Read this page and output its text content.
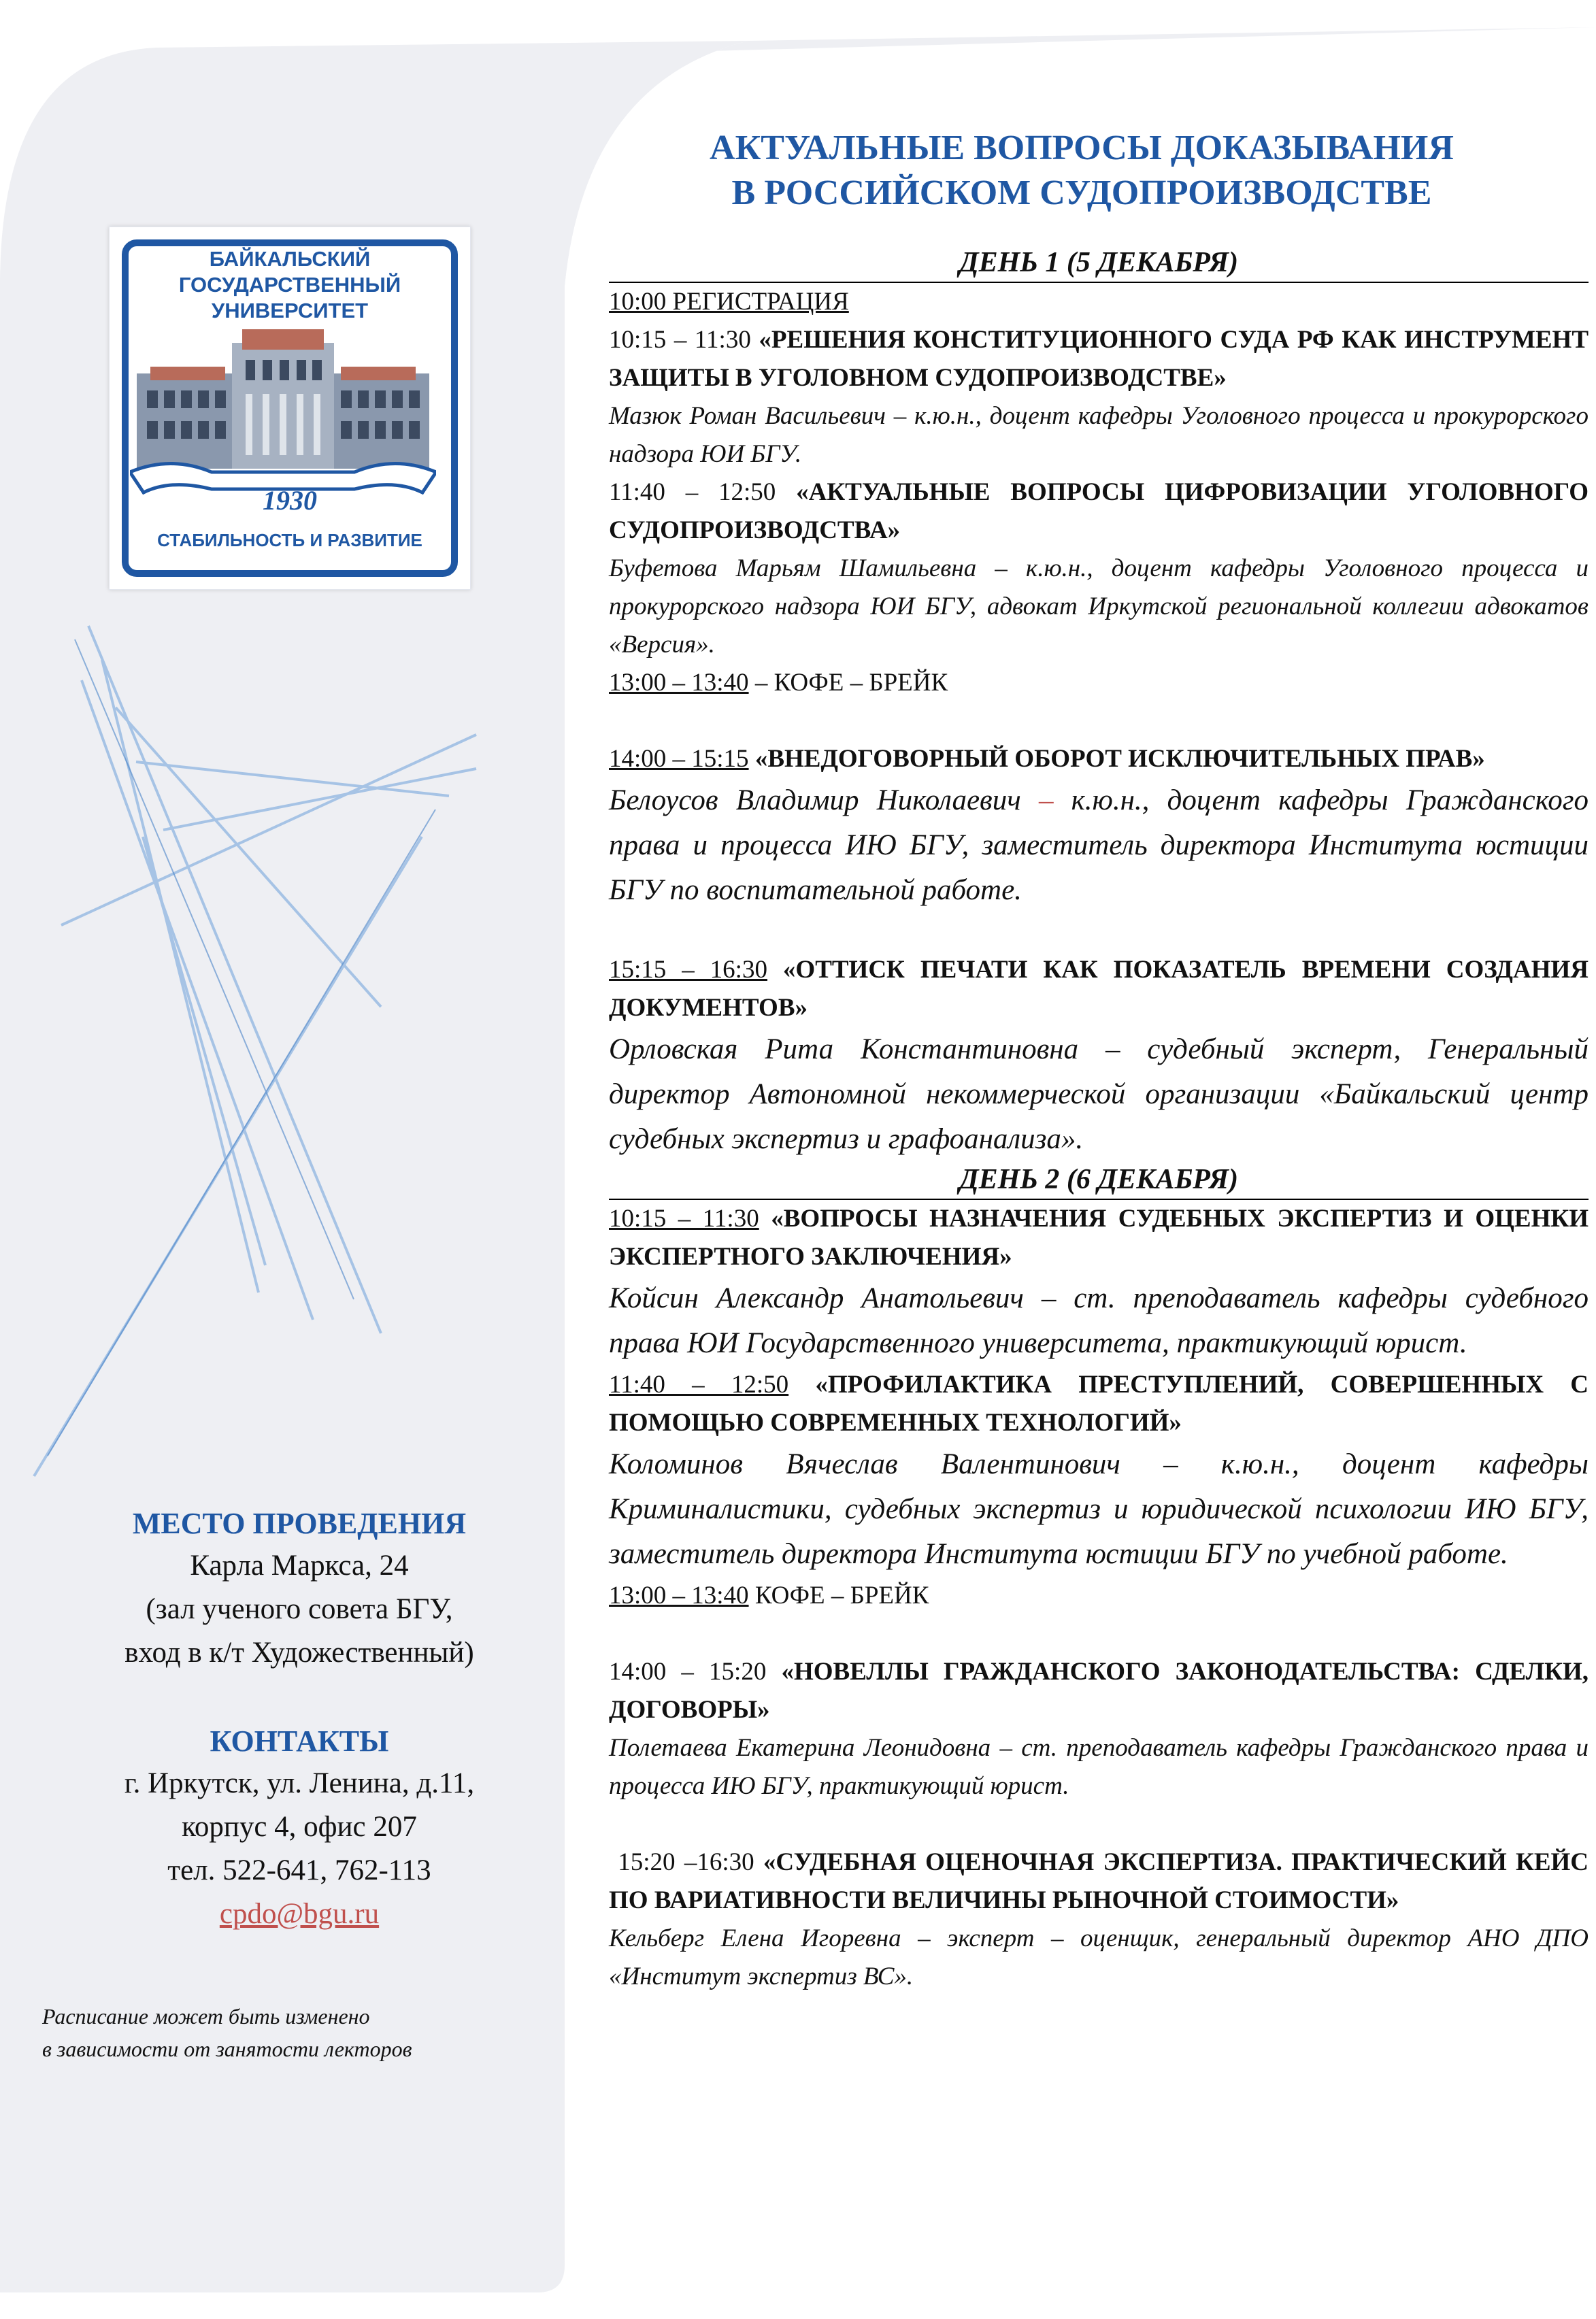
БАЙКАЛЬСКИЙ
ГОСУДАРСТВЕННЫЙ
УНИВЕРСИТЕТ
1930
СТАБИЛЬНОСТЬ И РАЗВИТИЕ
АКТУАЛЬНЫЕ ВОПРОСЫ ДОКАЗЫВАНИЯ
В РОССИЙСКОМ СУДОПРОИЗВОДСТВЕ
МЕСТО ПРОВЕДЕНИЯ
Карла Маркса, 24
(зал ученого совета БГУ,
вход в к/т Художественный)
КОНТАКТЫ
г. Иркутск, ул. Ленина, д.11,
корпус 4, офис 207
тел. 522-641, 762-113
cpdo@bgu.ru
Расписание может быть изменено
в зависимости от занятости лекторов
ДЕНЬ 1 (5 ДЕКАБРЯ)

10:00 РЕГИСТРАЦИЯ

10:15 – 11:30 «РЕШЕНИЯ КОНСТИТУЦИОННОГО СУДА РФ КАК ИНСТРУМЕНТ ЗАЩИТЫ В УГОЛОВНОМ СУДОПРОИЗВОДСТВЕ»

Мазюк Роман Васильевич – к.ю.н., доцент кафедры Уголовного процесса и прокурорского надзора ЮИ БГУ.

11:40 – 12:50 «АКТУАЛЬНЫЕ ВОПРОСЫ ЦИФРОВИЗАЦИИ УГОЛОВНОГО СУДОПРОИЗВОДСТВА»

Буфетова Марьям Шамильевна – к.ю.н., доцент кафедры Уголовного процесса и прокурорского надзора ЮИ БГУ, адвокат Иркутской региональной коллегии адвокатов «Версия».

13:00 – 13:40 – КОФЕ – БРЕЙК

14:00 – 15:15 «ВНЕДОГОВОРНЫЙ ОБОРОТ ИСКЛЮЧИТЕЛЬНЫХ ПРАВ»

Белоусов Владимир Николаевич – к.ю.н., доцент кафедры Гражданского права и процесса ИЮ БГУ, заместитель директора Института юстиции БГУ по воспитательной работе.

15:15 – 16:30 «ОТТИСК ПЕЧАТИ КАК ПОКАЗАТЕЛЬ ВРЕМЕНИ СОЗДАНИЯ ДОКУМЕНТОВ»

Орловская Рита Константиновна – судебный эксперт, Генеральный директор Автономной некоммерческой организации «Байкальский центр судебных экспертиз и графоанализа».

ДЕНЬ 2 (6 ДЕКАБРЯ)

10:15 – 11:30 «ВОПРОСЫ НАЗНАЧЕНИЯ СУДЕБНЫХ ЭКСПЕРТИЗ И ОЦЕНКИ ЭКСПЕРТНОГО ЗАКЛЮЧЕНИЯ»

Койсин Александр Анатольевич – ст. преподаватель кафедры судебного права ЮИ Государственного университета, практикующий юрист.

11:40 – 12:50 «ПРОФИЛАКТИКА ПРЕСТУПЛЕНИЙ, СОВЕРШЕННЫХ С ПОМОЩЬЮ СОВРЕМЕННЫХ ТЕХНОЛОГИЙ»

Коломинов Вячеслав Валентинович – к.ю.н., доцент кафедры Криминалистики, судебных экспертиз и юридической психологии ИЮ БГУ, заместитель директора Института юстиции БГУ по учебной работе.

13:00 – 13:40 КОФЕ – БРЕЙК

14:00 – 15:20 «НОВЕЛЛЫ ГРАЖДАНСКОГО ЗАКОНОДАТЕЛЬСТВА: СДЕЛКИ, ДОГОВОРЫ»

Полетаева Екатерина Леонидовна – ст. преподаватель кафедры Гражданского права и процесса ИЮ БГУ, практикующий юрист.

15:20 –16:30 «СУДЕБНАЯ ОЦЕНОЧНАЯ ЭКСПЕРТИЗА. ПРАКТИЧЕСКИЙ КЕЙС ПО ВАРИАТИВНОСТИ ВЕЛИЧИНЫ РЫНОЧНОЙ СТОИМОСТИ»

Кельберг Елена Игоревна – эксперт – оценщик, генеральный директор АНО ДПО «Институт экспертиз ВС».
